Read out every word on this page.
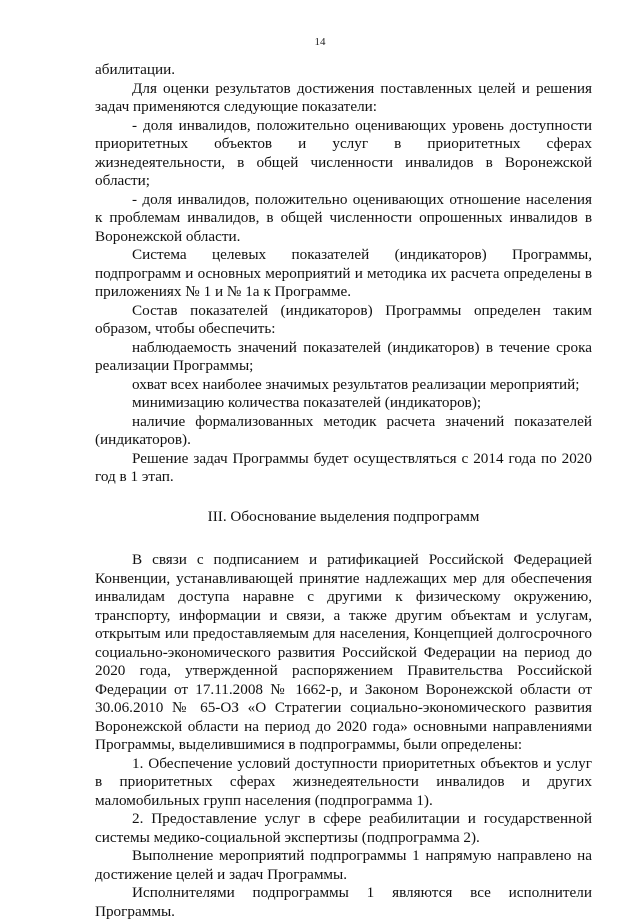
14

абилитации.

Для оценки результатов достижения поставленных целей и решения задач применяются следующие показатели:

- доля инвалидов, положительно оценивающих уровень доступности приоритетных объектов и услуг в приоритетных сферах жизнедеятельности, в общей численности инвалидов в Воронежской области;

- доля инвалидов, положительно оценивающих отношение населения к проблемам инвалидов, в общей численности опрошенных инвалидов в Воронежской области.

Система целевых показателей (индикаторов) Программы, подпрограмм и основных мероприятий и методика их расчета определены в приложениях № 1 и № 1а к Программе.

Состав показателей (индикаторов) Программы определен таким образом, чтобы обеспечить:

наблюдаемость значений показателей (индикаторов) в течение срока реализации Программы;

охват всех наиболее значимых результатов реализации мероприятий;

минимизацию количества показателей (индикаторов);

наличие формализованных методик расчета значений показателей (индикаторов).

Решение задач Программы будет осуществляться с 2014 года по 2020 год в 1 этап.

III. Обоснование выделения подпрограмм

В связи с подписанием и ратификацией Российской Федерацией Конвенции, устанавливающей принятие надлежащих мер для обеспечения инвалидам доступа наравне с другими к физическому окружению, транспорту, информации и связи, а также другим объектам и услугам, открытым или предоставляемым для населения, Концепцией долгосрочного социально-экономического развития Российской Федерации на период до 2020 года, утвержденной распоряжением Правительства Российской Федерации от 17.11.2008 № 1662-р, и Законом Воронежской области от 30.06.2010 № 65-ОЗ «О Стратегии социально-экономического развития Воронежской области на период до 2020 года» основными направлениями Программы, выделившимися в подпрограммы, были определены:

1. Обеспечение условий доступности приоритетных объектов и услуг в приоритетных сферах жизнедеятельности инвалидов и других маломобильных групп населения (подпрограмма 1).

2. Предоставление услуг в сфере реабилитации и государственной системы медико-социальной экспертизы (подпрограмма 2).

Выполнение мероприятий подпрограммы 1 напрямую направлено на достижение целей и задач Программы.

Исполнителями подпрограммы 1 являются все исполнители Программы.
